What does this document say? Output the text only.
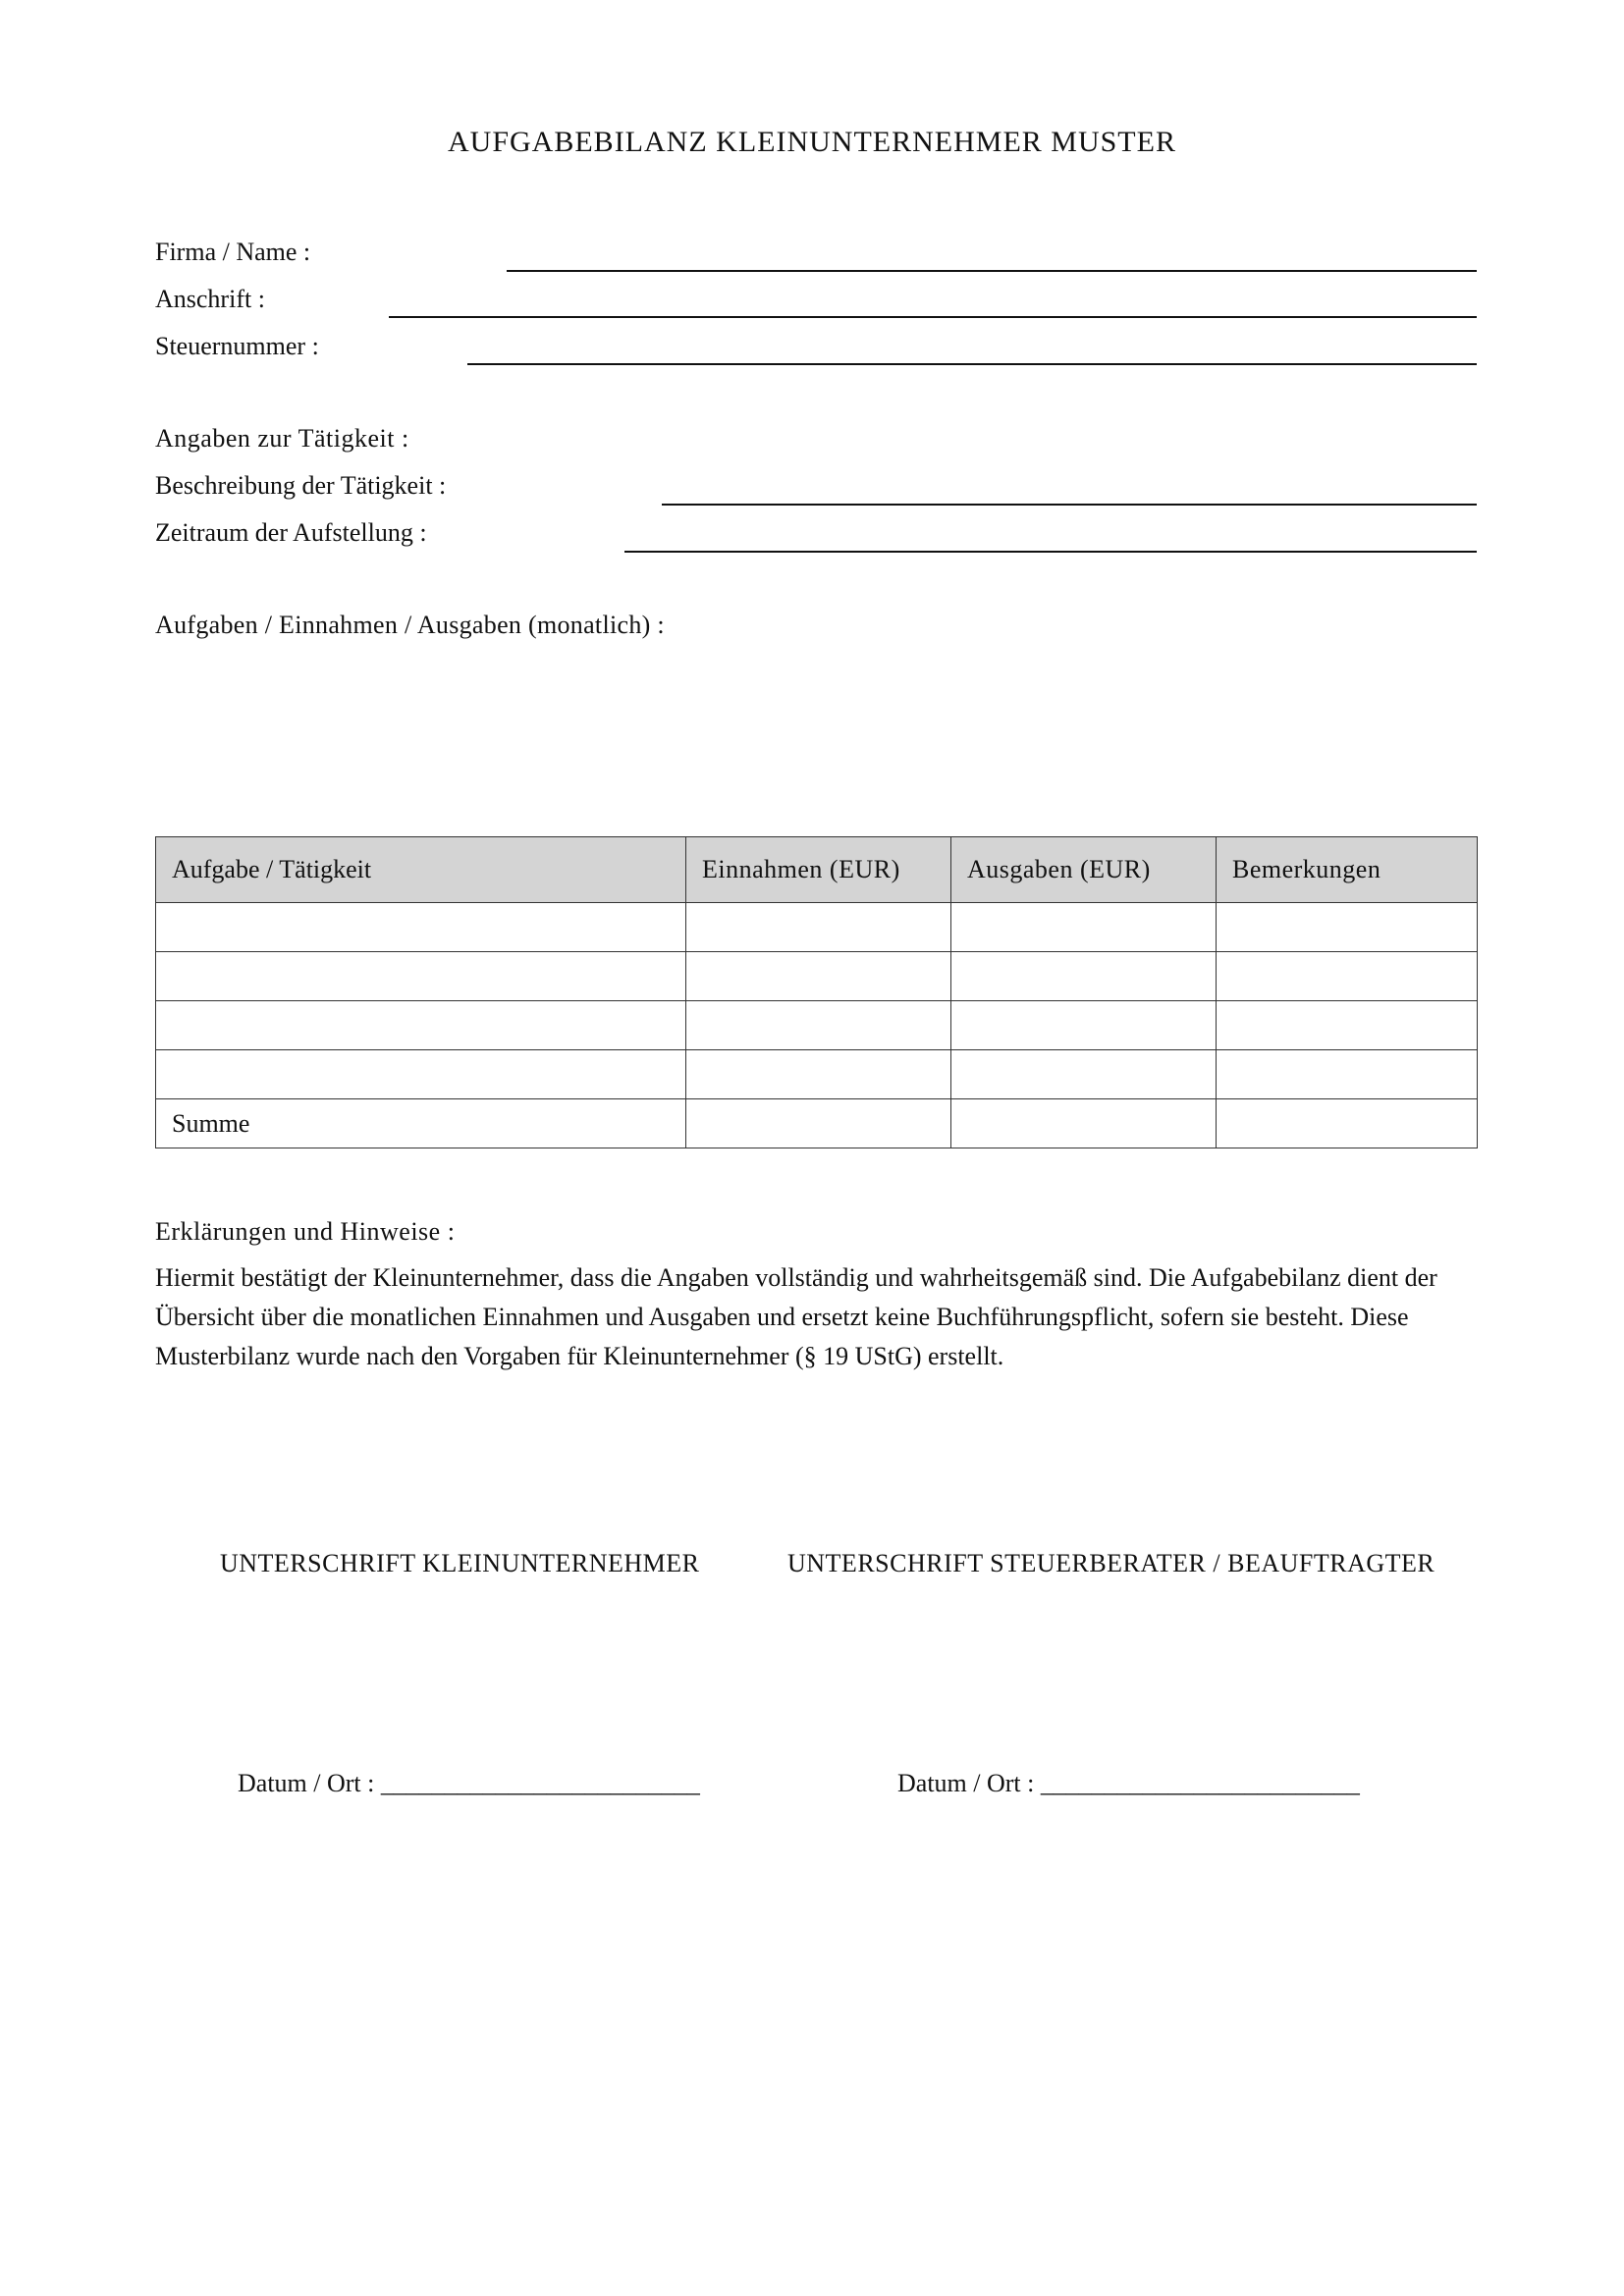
AUFGABEBILANZ KLEINUNTERNEHMER MUSTER
Firma / Name :
Anschrift :
Steuernummer :
Angaben zur Tätigkeit :
Beschreibung der Tätigkeit :
Zeitraum der Aufstellung :
Aufgaben / Einnahmen / Ausgaben (monatlich) :
Aufgabe / Tätigkeit	Einnahmen (EUR)	Ausgaben (EUR)	Bemerkungen

Summe			
Erklärungen und Hinweise :
Hiermit bestätigt der Kleinunternehmer, dass die Angaben vollständig und wahrheitsgemäß sind. Die Aufgabebilanz dient der Übersicht über die monatlichen Einnahmen und Ausgaben und ersetzt keine Buchführungspflicht, sofern sie besteht. Diese Musterbilanz wurde nach den Vorgaben für Kleinunternehmer (§ 19 UStG) erstellt.
UNTERSCHRIFT KLEINUNTERNEHMER	UNTERSCHRIFT STEUERBERATER / BEAUFTRAGTER
Datum / Ort : _________________________	Datum / Ort : _________________________
